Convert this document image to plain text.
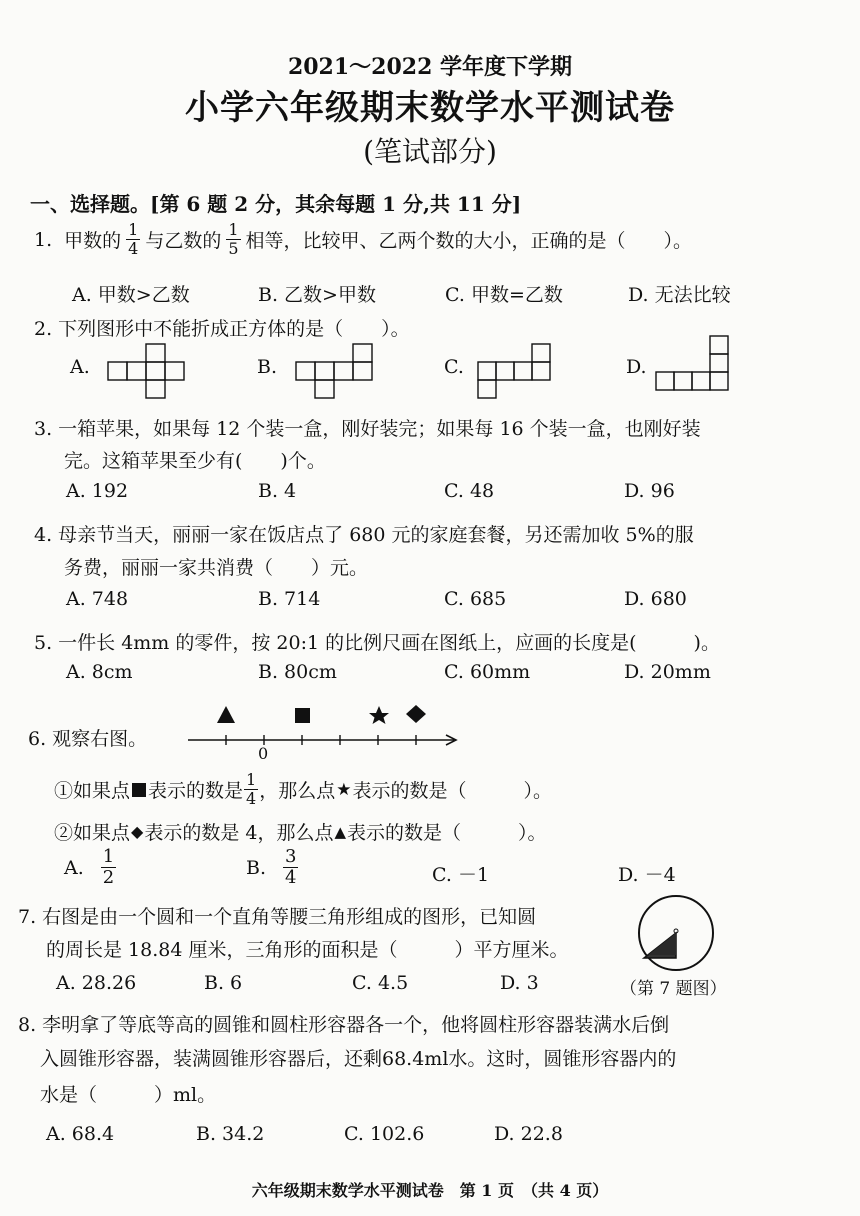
2021～2022 学年度下学期
小学六年级期末数学水平测试卷
(笔试部分)
一、选择题。[第 6 题 2 分，其余每题 1 分,共 11 分]
1. 甲数的 $\frac{1}{4}$ 与乙数的 $\frac{1}{5}$ 相等，比较甲、乙两个数的大小，正确的是（　　）。
A. 甲数>乙数	B. 乙数>甲数	C. 甲数=乙数	D. 无法比较
2. 下列图形中不能折成正方体的是（　　）。
A.	B.	C.	D.
3. 一箱苹果，如果每 12 个装一盒，刚好装完；如果每 16 个装一盒，也刚好装
完。这箱苹果至少有(　　)个。
A. 192	B. 4	C. 48	D. 96
4. 母亲节当天，丽丽一家在饭店点了 680 元的家庭套餐，另还需加收 5%的服
务费，丽丽一家共消费（　　）元。
A. 748	B. 714	C. 685	D. 680
5. 一件长 4mm 的零件，按 20:1 的比例尺画在图纸上，应画的长度是(　　　)。
A. 8cm	B. 80cm	C. 60mm	D. 20mm
6. 观察右图。
0
①如果点 表示的数是 $\frac{1}{4}$ ，那么点 ★ 表示的数是（　　　）。
②如果点 ◆ 表示的数是 4，那么点 ▲ 表示的数是（　　　）。
A. $\frac{1}{2}$	B. $\frac{3}{4}$	C. －1	D. －4
7. 右图是由一个圆和一个直角等腰三角形组成的图形，已知圆
的周长是 18.84 厘米，三角形的面积是（　　　）平方厘米。
A. 28.26	B. 6	C. 4.5	D. 3	（第 7 题图）
8. 李明拿了等底等高的圆锥和圆柱形容器各一个，他将圆柱形容器装满水后倒
入圆锥形容器，装满圆锥形容器后，还剩68.4ml水。这时，圆锥形容器内的
水是（　　　）ml。
A. 68.4	B. 34.2	C. 102.6	D. 22.8
六年级期末数学水平测试卷　第 1 页　（共 4 页）
